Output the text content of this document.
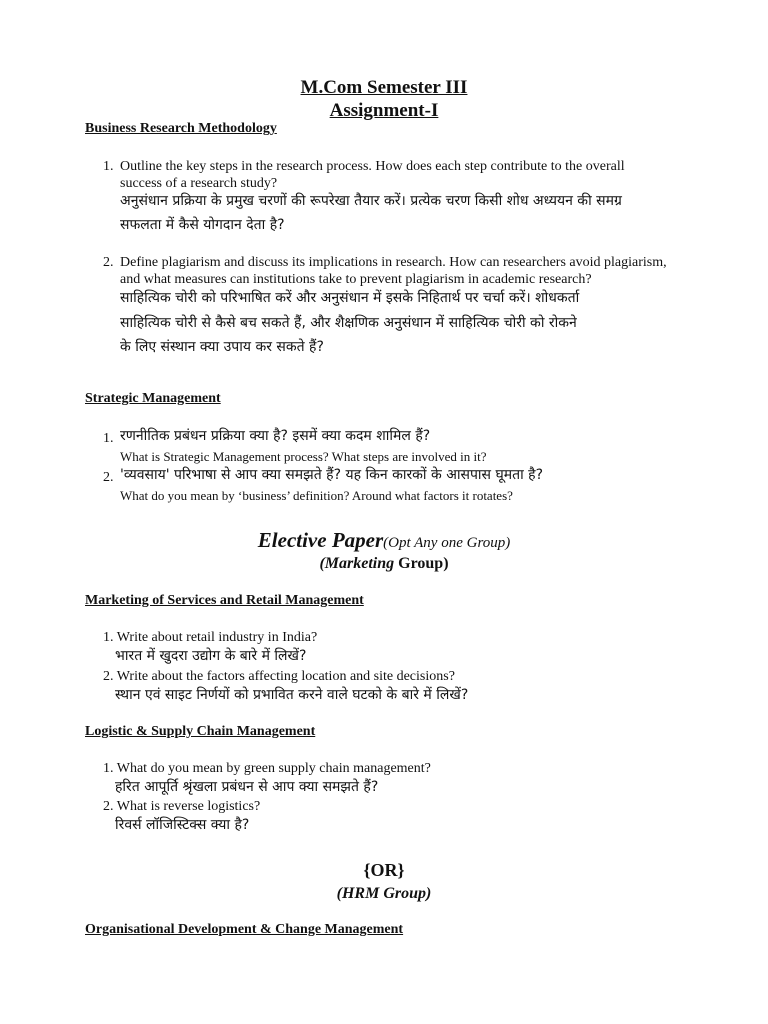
M.Com Semester III
Assignment-I
Business Research Methodology
1. Outline the key steps in the research process. How does each step contribute to the overall
success of a research study?
अनुसंधान प्रक्रिया के प्रमुख चरणों की रूपरेखा तैयार करें। प्रत्येक चरण किसी शोध अध्ययन की समग्र
सफलता में कैसे योगदान देता है?
2. Define plagiarism and discuss its implications in research. How can researchers avoid plagiarism,
and what measures can institutions take to prevent plagiarism in academic research?
साहित्यिक चोरी को परिभाषित करें और अनुसंधान में इसके निहितार्थ पर चर्चा करें। शोधकर्ता
साहित्यिक चोरी से कैसे बच सकते हैं, और शैक्षणिक अनुसंधान में साहित्यिक चोरी को रोकने
के लिए संस्थान क्या उपाय कर सकते हैं?
Strategic Management
1. रणनीतिक प्रबंधन प्रक्रिया क्या है? इसमें क्या कदम शामिल हैं?
What is Strategic Management process? What steps are involved in it?
2. 'व्यवसाय' परिभाषा से आप क्या समझते हैं? यह किन कारकों के आसपास घूमता है?
What do you mean by ‘business’ definition? Around what factors it rotates?
Elective Paper(Opt Any one Group)
(Marketing Group)
Marketing of Services and Retail Management
1. Write about retail industry in India?
भारत में खुदरा उद्योग के बारे में लिखें?
2. Write about the factors affecting location and site decisions?
स्थान एवं साइट निर्णयों को प्रभावित करने वाले घटको के बारे में लिखें?
Logistic & Supply Chain Management
1. What do you mean by green supply chain management?
हरित आपूर्ति श्रृंखला प्रबंधन से आप क्या समझते हैं?
2. What is reverse logistics?
रिवर्स लॉजिस्टिक्स क्या है?
{OR}
(HRM Group)
Organisational Development & Change Management
